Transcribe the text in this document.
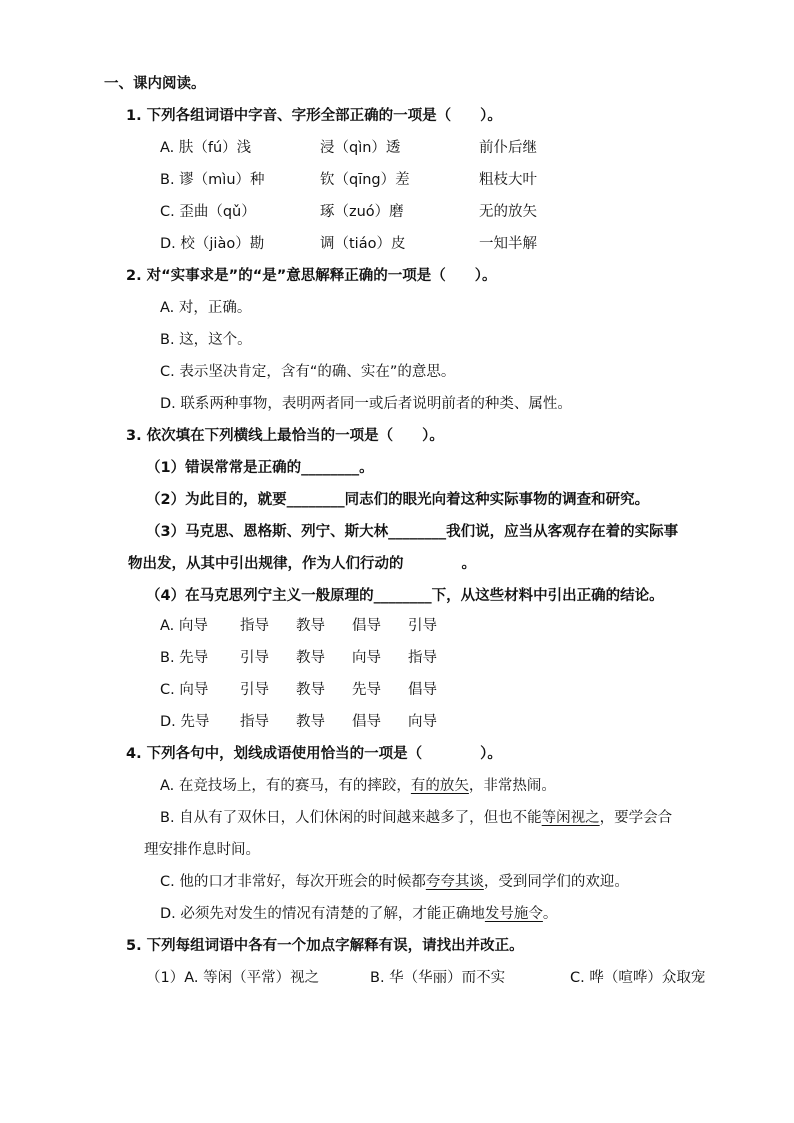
一、课内阅读。
1. 下列各组词语中字音、字形全部正确的一项是（　　）。
A. 肤（fú）浅	浸（qìn）透	前仆后继
B. 谬（mìu）种	钦（qīng）差	粗枝大叶
C. 歪曲（qǔ）	琢（zuó）磨	无的放矢
D. 校（jiào）勘	调（tiáo）皮	一知半解
2. 对“实事求是”的“是”意思解释正确的一项是（　　）。
A. 对，正确。
B. 这，这个。
C. 表示坚决肯定，含有“的确、实在”的意思。
D. 联系两种事物，表明两者同一或后者说明前者的种类、属性。
3. 依次填在下列横线上最恰当的一项是（　　）。
（1）错误常常是正确的________。
（2）为此目的，就要________同志们的眼光向着这种实际事物的调查和研究。
（3）马克思、恩格斯、列宁、斯大林________我们说，应当从客观存在着的实际事
物出发，从其中引出规律，作为人们行动的　　　　。
（4）在马克思列宁主义一般原理的________下，从这些材料中引出正确的结论。
A. 向导 指导 教导 倡导 引导
B. 先导 引导 教导 向导 指导
C. 向导 引导 教导 先导 倡导
D. 先导 指导 教导 倡导 向导
4. 下列各句中，划线成语使用恰当的一项是（　　　　）。
A. 在竞技场上，有的赛马，有的摔跤，有的放矢，非常热闹。
B. 自从有了双休日，人们休闲的时间越来越多了，但也不能等闲视之，要学会合
理安排作息时间。
C. 他的口才非常好，每次开班会的时候都夸夸其谈，受到同学们的欢迎。
D. 必须先对发生的情况有清楚的了解，才能正确地发号施令。
5. 下列每组词语中各有一个加点字解释有误，请找出并改正。
（1）A. 等闲（平常）视之	B. 华（华丽）而不实	C. 哗（喧哗）众取宠
